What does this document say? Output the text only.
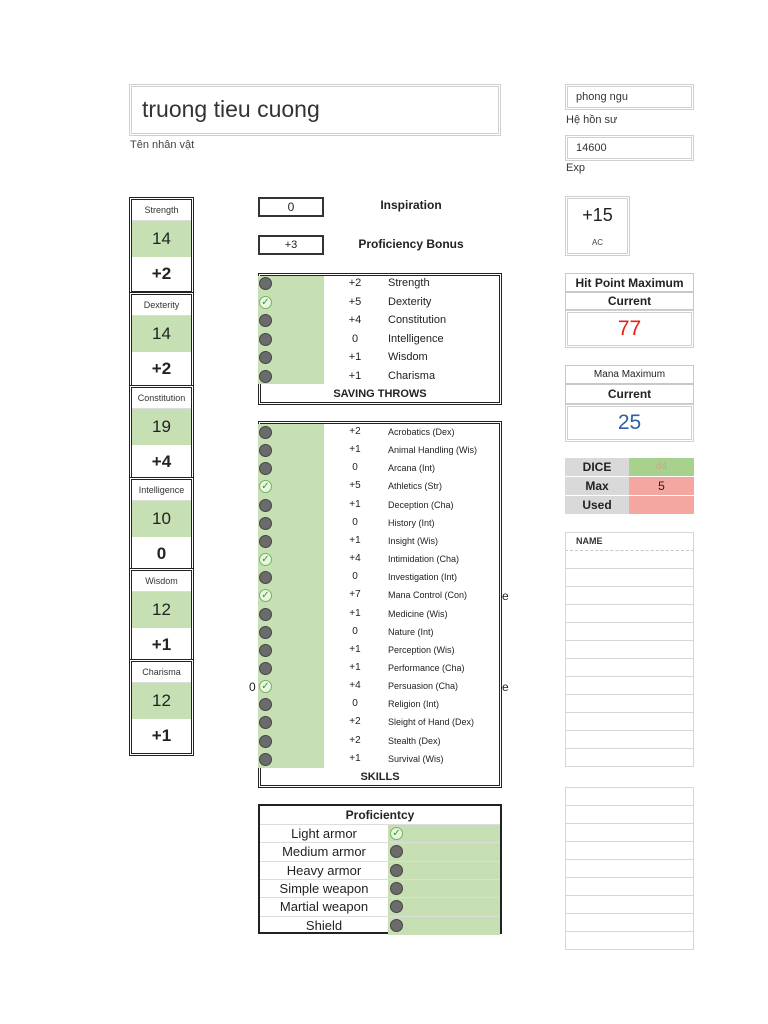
truong tieu cuong
Tên nhân vật
phong ngu
Hệ hồn sư
14600
Exp
Strength
14
+2
Dexterity
14
+2
Constitution
19
+4
Intelligence
10
0
Wisdom
12
+1
Charisma
12
+1
0	Inspiration
+3	Proficiency Bonus
SAVING THROWS
SKILLS
e
e
0
Proficientcy
Light armor	✓
Medium armor
Heavy armor
Simple weapon
Martial weapon
Shield
+15
AC
Hit Point Maximum
Current
77
Mana Maximum
Current
25
DICE	d4
Max	5
Used
NAME
+2	Strength
✓	+5	Dexterity
+4	Constitution
0	Intelligence
+1	Wisdom
+1	Charisma
+2	Acrobatics (Dex)
+1	Animal Handling (Wis)
0	Arcana (Int)
✓	+5	Athletics (Str)
+1	Deception (Cha)
0	History (Int)
+1	Insight (Wis)
✓	+4	Intimidation (Cha)
0	Investigation (Int)
✓	+7	Mana Control (Con)
+1	Medicine (Wis)
0	Nature (Int)
+1	Perception (Wis)
+1	Performance (Cha)
✓	+4	Persuasion (Cha)
0	Religion (Int)
+2	Sleight of Hand (Dex)
+2	Stealth (Dex)
+1	Survival (Wis)
